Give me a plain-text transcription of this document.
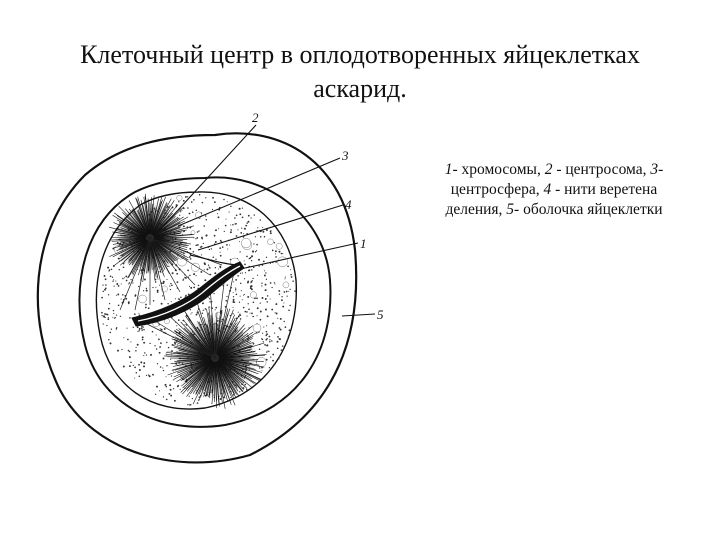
Клеточный центр в оплодотворенных яйцеклетках
аскарид.
1- хромосомы, 2 - центросома, 3-
центросфера, 4 - нити веретена
деления, 5- оболочка яйцеклетки
2
3
4
1
5
